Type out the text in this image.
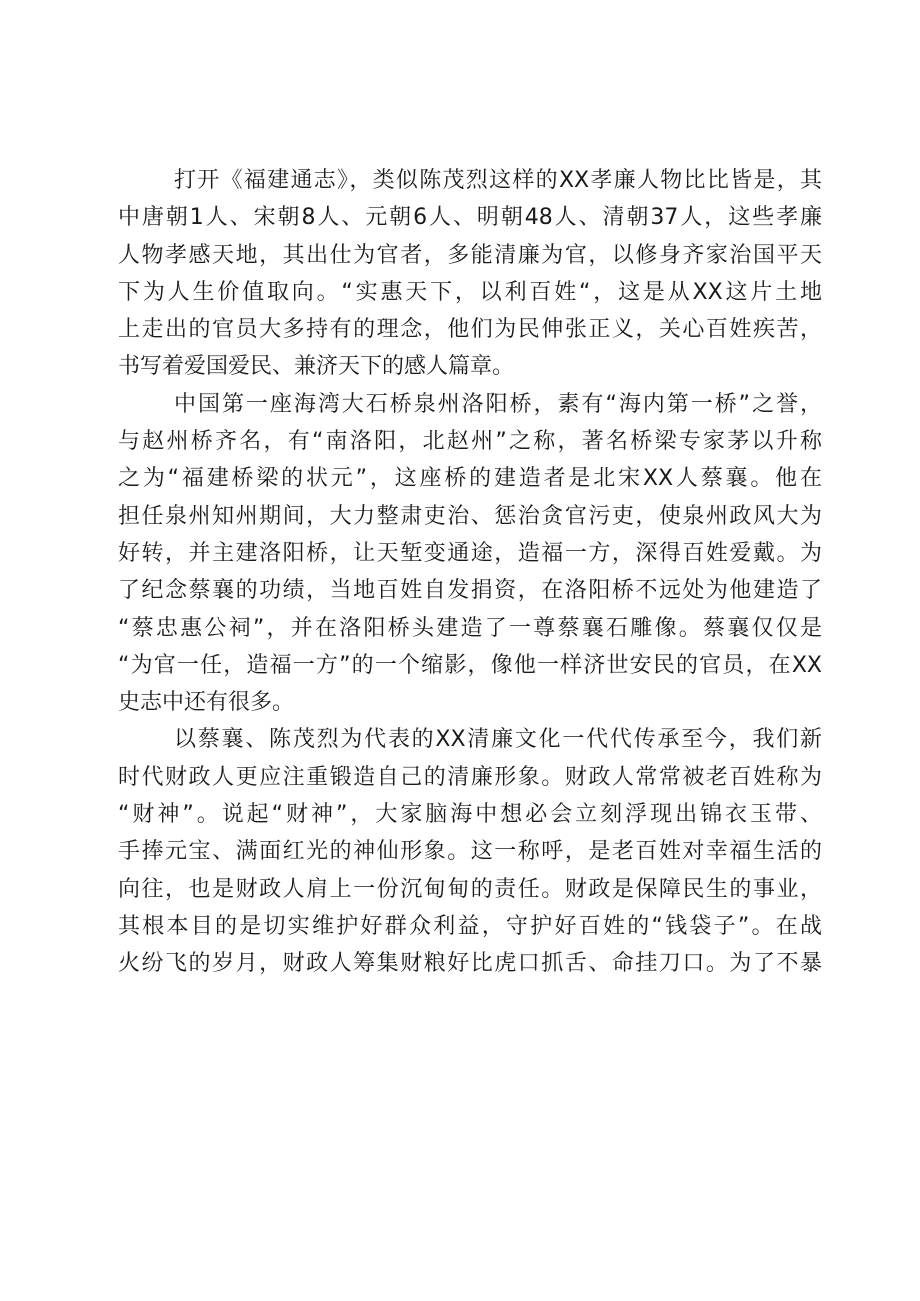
打开《福建通志》，类似陈茂烈这样的XX孝廉人物比比皆是，其
中唐朝1人、宋朝8人、元朝6人、明朝48人、清朝37人，这些孝廉
人物孝感天地，其出仕为官者，多能清廉为官，以修身齐家治国平天
下为人生价值取向。“实惠天下，以利百姓“，这是从XX这片土地
上走出的官员大多持有的理念，他们为民伸张正义，关心百姓疾苦，
书写着爱国爱民、兼济天下的感人篇章。
中国第一座海湾大石桥泉州洛阳桥，素有“海内第一桥”之誉，
与赵州桥齐名，有“南洛阳，北赵州”之称，著名桥梁专家茅以升称
之为“福建桥梁的状元”，这座桥的建造者是北宋XX人蔡襄。他在
担任泉州知州期间，大力整肃吏治、惩治贪官污吏，使泉州政风大为
好转，并主建洛阳桥，让天堑变通途，造福一方，深得百姓爱戴。为
了纪念蔡襄的功绩，当地百姓自发捐资，在洛阳桥不远处为他建造了
“蔡忠惠公祠”，并在洛阳桥头建造了一尊蔡襄石雕像。蔡襄仅仅是
“为官一任，造福一方”的一个缩影，像他一样济世安民的官员，在XX
史志中还有很多。
以蔡襄、陈茂烈为代表的XX清廉文化一代代传承至今，我们新
时代财政人更应注重锻造自己的清廉形象。财政人常常被老百姓称为
“财神”。说起“财神”，大家脑海中想必会立刻浮现出锦衣玉带、
手捧元宝、满面红光的神仙形象。这一称呼，是老百姓对幸福生活的
向往，也是财政人肩上一份沉甸甸的责任。财政是保障民生的事业，
其根本目的是切实维护好群众利益，守护好百姓的“钱袋子”。在战
火纷飞的岁月，财政人筹集财粮好比虎口抓舌、命挂刀口。为了不暴
